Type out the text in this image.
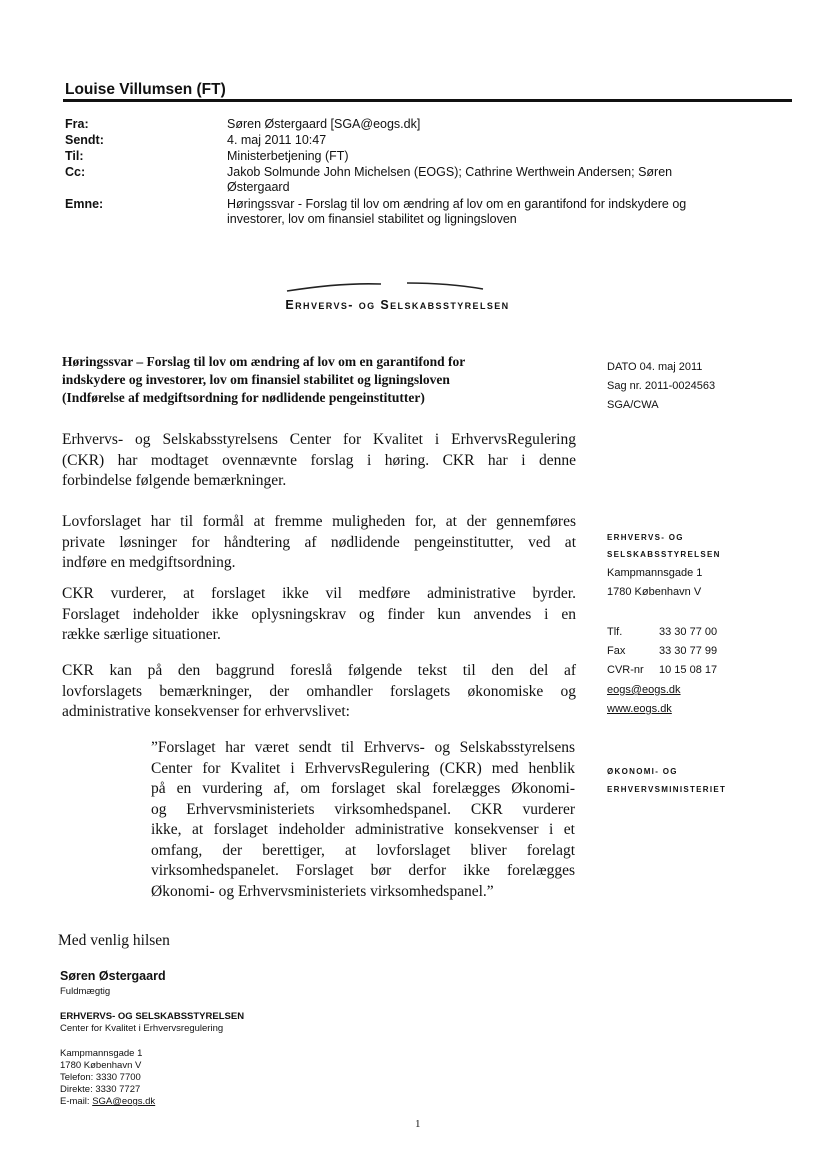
Louise Villumsen (FT)
Fra:	Søren Østergaard [SGA@eogs.dk]
Sendt:	4. maj 2011 10:47
Til:	Ministerbetjening (FT)
Cc:	Jakob Solmunde John Michelsen (EOGS); Cathrine Werthwein Andersen; Søren
Østergaard
Emne:	Høringssvar - Forslag til lov om ændring af lov om en garantifond for indskydere og
investorer, lov om finansiel stabilitet og ligningsloven
Erhvervs- og Selskabsstyrelsen
Høringssvar – Forslag til lov om ændring af lov om en garantifond for
indskydere og investorer, lov om finansiel stabilitet og ligningsloven
(Indførelse af medgiftsordning for nødlidende pengeinstitutter)
DATO 04. maj 2011
Sag nr. 2011-0024563
SGA/CWA
ERHVERVS- OG
SELSKABSSTYRELSEN
Kampmannsgade 1
1780 København V
Tlf.	33 30 77 00
Fax	33 30 77 99
CVR-nr 10 15 08 17
eogs@eogs.dk
www.eogs.dk
ØKONOMI- OG
ERHVERVSMINISTERIET
Erhvervs- og Selskabsstyrelsens Center for Kvalitet i ErhvervsRegulering
(CKR) har modtaget ovennævnte forslag i høring. CKR har i denne
forbindelse følgende bemærkninger.
Lovforslaget har til formål at fremme muligheden for, at der gennemføres
private løsninger for håndtering af nødlidende pengeinstitutter, ved at
indføre en medgiftsordning.
CKR vurderer, at forslaget ikke vil medføre administrative byrder.
Forslaget indeholder ikke oplysningskrav og finder kun anvendes i en
række særlige situationer.
CKR kan på den baggrund foreslå følgende tekst til den del af
lovforslagets bemærkninger, der omhandler forslagets økonomiske og
administrative konsekvenser for erhvervslivet:
”Forslaget har været sendt til Erhvervs- og Selskabsstyrelsens
Center for Kvalitet i ErhvervsRegulering (CKR) med henblik
på en vurdering af, om forslaget skal forelægges Økonomi-
og Erhvervsministeriets virksomhedspanel. CKR vurderer
ikke, at forslaget indeholder administrative konsekvenser i et
omfang, der berettiger, at lovforslaget bliver forelagt
virksomhedspanelet. Forslaget bør derfor ikke forelægges
Økonomi- og Erhvervsministeriets virksomhedspanel.”
Med venlig hilsen
Søren Østergaard
Fuldmægtig
ERHVERVS- OG SELSKABSSTYRELSEN
Center for Kvalitet i Erhvervsregulering
Kampmannsgade 1
1780 København V
Telefon: 3330 7700
Direkte: 3330 7727
E-mail: SGA@eogs.dk
1
